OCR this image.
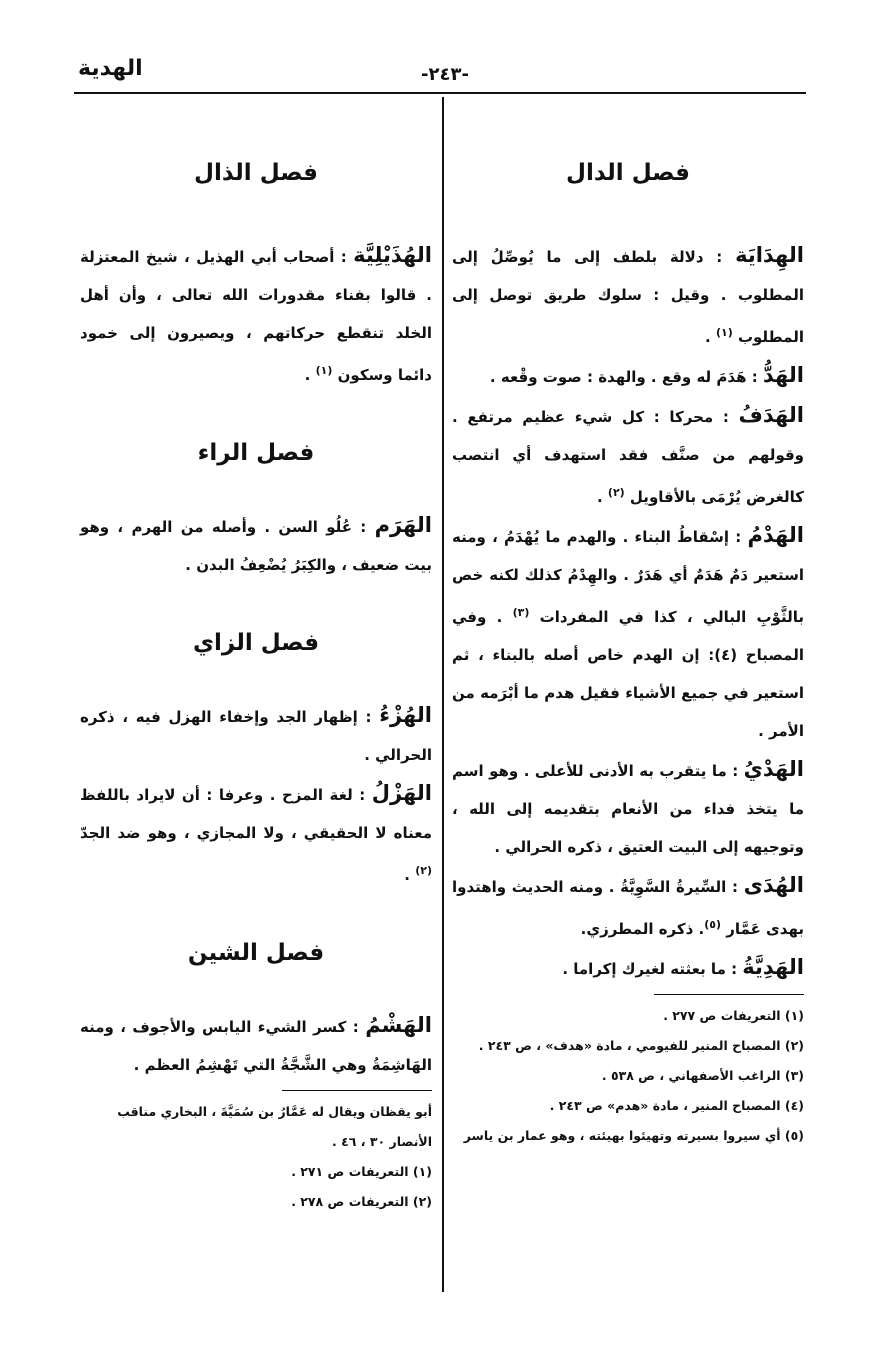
الهدية	-٢٤٣-
فصل الدال
الهِدَايَة : دلالة بلطف إلى ما يُوصِّلُ إلى المطلوب . وقيل : سلوك طريق توصل إلى المطلوب $^{(١)}$ .
الهَدُّ : هَدَمَ له وقع . والهدة : صوت وقْعه .
الهَدَفُ : محركا : كل شيء عظيم مرتفع . وقولهم من صنَّف فقد استهدف أي انتصب كالغرض يُرْمَى بالأقاويل $^{(٢)}$ .
الهَدْمُ : إسْقاطُ البناء . والهدم ما يُهْدَمُ ، ومنه استعير دَمٌ هَدَمٌ أي هَدَرٌ . والهِدْمُ كذلك لكنه خص بالثَّوْبِ البالي ، كذا في المفردات $^{(٣)}$ . وفي المصباح (٤): إن الهدم خاص أصله بالبناء ، ثم استعير في جميع الأشياء فقيل هدم ما أبْرَمه من الأمر .
الهَدْيُ : ما يتقرب به الأدنى للأعلى . وهو اسم ما يتخذ فداء من الأنعام بتقديمه إلى الله ، وتوجيهه إلى البيت العتيق ، ذكره الحرالي .
الهُدَى : السِّيرةُ السَّوِيَّةُ . ومنه الحديث واهتدوا بهدى عَمَّار $^{(٥)}$. ذكره المطرزي.
الهَدِيَّةُ : ما بعثته لغيرك إكراما .
(١) التعريفات ص ٢٧٧ .
(٢) المصباح المنير للفيومي ، مادة «هدف» ، ص ٢٤٣ .
(٣) الراغب الأصفهاني ، ص ٥٣٨ .
(٤) المصباح المنير ، مادة «هدم» ص ٢٤٣ .
(٥) أي سيروا بسيرته وتهيئوا بهيئته ، وهو عمار بن ياسر
فصل الذال
الهُذَيْلِيَّة : أصحاب أبي الهذيل ، شيخ المعتزلة . قالوا بفناء مقدورات الله تعالى ، وأن أهل الخلد تنقطع حركاتهم ، ويصيرون إلى خمود دائما وسكون $^{(١)}$ .
فصل الراء
الهَرَم : عُلُو السن . وأصله من الهرم ، وهو بيت ضعيف ، والكِبَرُ يُضْعِفُ البدن .
فصل الزاي
الهُزْءُ : إظهار الجد وإخفاء الهزل فيه ، ذكره الحرالي .
الهَزْلُ : لغة المزح . وعرفا : أن لايراد باللفظ معناه لا الحقيقي ، ولا المجازي ، وهو ضد الجدّ $^{(٢)}$ .
فصل الشين
الهَشْمُ : كسر الشيء اليابس والأجوف ، ومنه الهَاشِمَةُ وهي الشَّجَّةُ التي تَهْشِمُ العظم .
أبو يقظان ويقال له عَمَّارُ بن سُمَيَّةَ ، البخاري مناقب الأنصار ٣٠ ، ٤٦ .
(١) التعريفات ص ٢٧١ .
(٢) التعريفات ص ٢٧٨ .
